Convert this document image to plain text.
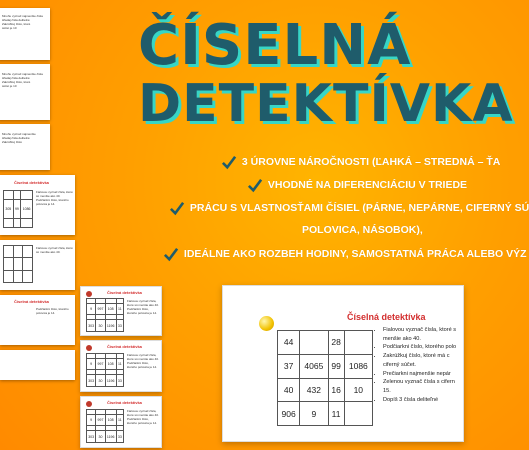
Mnohu vyznač najmenšie čísla
Hľadaj čísla delitelné
Zakrúžkuj číslo, ktoré
súčet je 10
Mnohu vyznač najmenšie čísla
Hľadaj čísla delitelné
Zakrúžkuj číslo, ktoré
súčet je 10
Mnohu vyznač najmenšie
Hľadaj čísla delitelné
Zakrúžkuj číslo
Číselná detektívka

305	99	1086

Fialovou vyznač čísla, ktoré sú menšie ako 40. Podčiarkni číslo, ktorého polovica je 14.

Fialovou vyznač čísla, ktoré sú menšie ako 40.
Číselná detektívka
Podčiarkni číslo, ktorého polovica je 14.
Číselná detektívka

9	997	108	11

303	30	1196	33
Fialovou vyznač čísla, ktoré sú menšie ako 40. Podčiarkni číslo, ktorého polovica je 14.
Číselná detektívka

9	997	108	11

303	30	1196	33
Fialovou vyznač čísla, ktoré sú menšie ako 40. Podčiarkni číslo, ktorého polovica je 14.
Číselná detektívka

9	997	108	11

303	30	1196	33
Fialovou vyznač čísla, ktoré sú menšie ako 40. Podčiarkni číslo, ktorého polovica je 14.
ČÍSELNÁ
DETEKTÍVKA
3 ÚROVNE NÁROČNOSTI (ĽAHKÁ – STREDNÁ – ŤA
VHODNÉ NA DIFERENCIÁCIU V TRIEDE
PRÁCU S VLASTNOSŤAMI ČÍSIEL (PÁRNE, NEPÁRNE, CIFERNÝ SÚ
POLOVICA, NÁSOBOK),
IDEÁLNE AKO ROZBEH HODINY, SAMOSTATNÁ PRÁCA ALEBO VÝZ
Číselná detektívka
44		28	
37	4065	99	1086
40	432	16	10
906	9	11	
• Fialovou vyznač čísla, ktoré s
menšie ako 40.
• Podčiarkni číslo, ktorého polo
• Zakrúžkuj číslo, ktoré má c
ciferný súčet.
• Prečiarkni najmenšie nepár
• Zelenou vyznač čísla s cifern
15.
• Dopíš 3 čísla deliteľné
